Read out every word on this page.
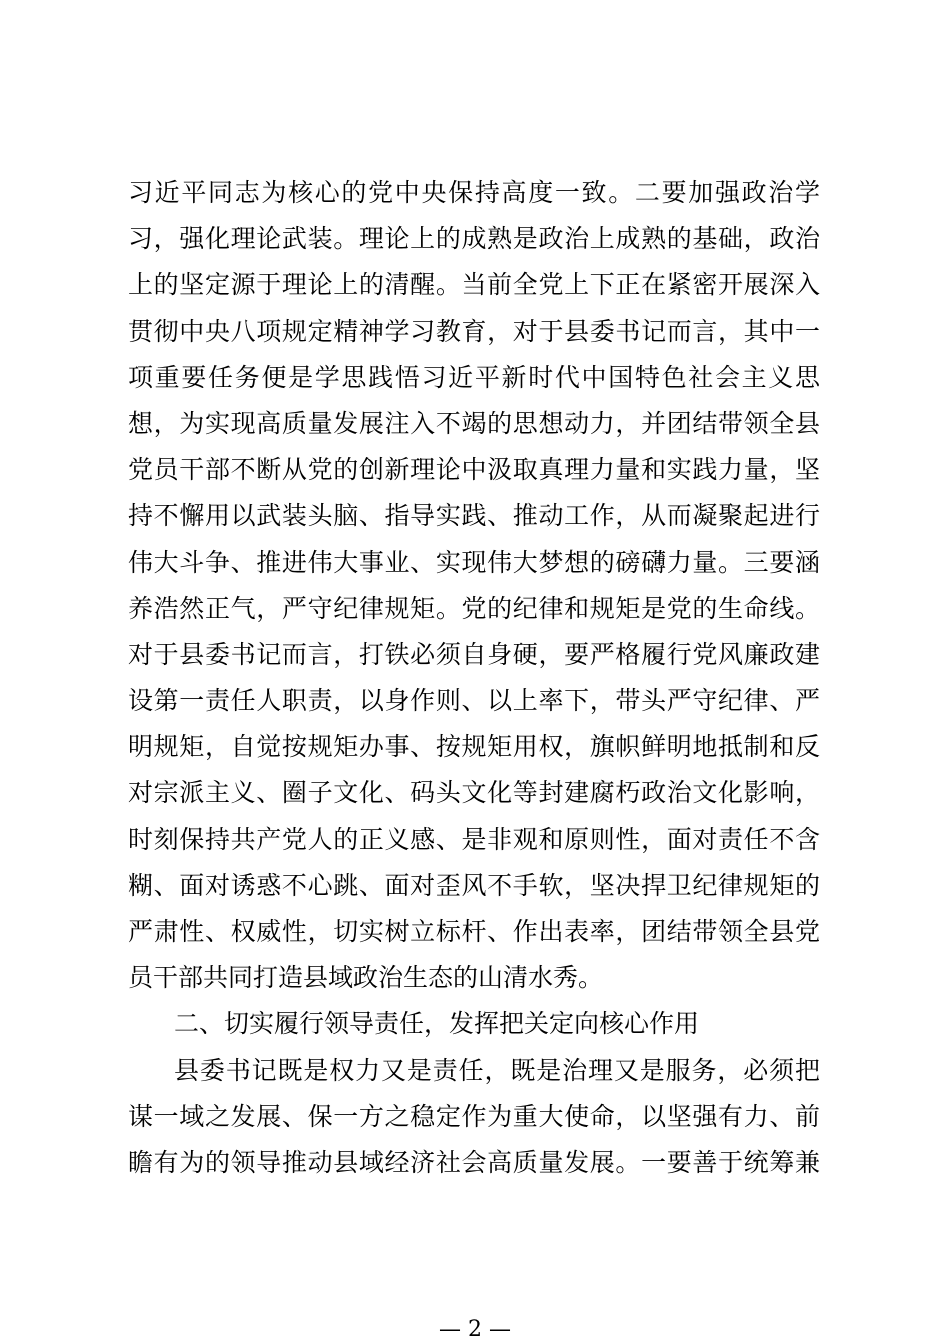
习近平同志为核心的党中央保持高度一致。二要加强政治学
习，强化理论武装。理论上的成熟是政治上成熟的基础，政治
上的坚定源于理论上的清醒。当前全党上下正在紧密开展深入
贯彻中央八项规定精神学习教育，对于县委书记而言，其中一
项重要任务便是学思践悟习近平新时代中国特色社会主义思
想，为实现高质量发展注入不竭的思想动力，并团结带领全县
党员干部不断从党的创新理论中汲取真理力量和实践力量，坚
持不懈用以武装头脑、指导实践、推动工作，从而凝聚起进行
伟大斗争、推进伟大事业、实现伟大梦想的磅礴力量。三要涵
养浩然正气，严守纪律规矩。党的纪律和规矩是党的生命线。
对于县委书记而言，打铁必须自身硬，要严格履行党风廉政建
设第一责任人职责，以身作则、以上率下，带头严守纪律、严
明规矩，自觉按规矩办事、按规矩用权，旗帜鲜明地抵制和反
对宗派主义、圈子文化、码头文化等封建腐朽政治文化影响，
时刻保持共产党人的正义感、是非观和原则性，面对责任不含
糊、面对诱惑不心跳、面对歪风不手软，坚决捍卫纪律规矩的
严肃性、权威性，切实树立标杆、作出表率，团结带领全县党
员干部共同打造县域政治生态的山清水秀。
二、切实履行领导责任，发挥把关定向核心作用
县委书记既是权力又是责任，既是治理又是服务，必须把
谋一域之发展、保一方之稳定作为重大使命，以坚强有力、前
瞻有为的领导推动县域经济社会高质量发展。一要善于统筹兼
— 2 —
